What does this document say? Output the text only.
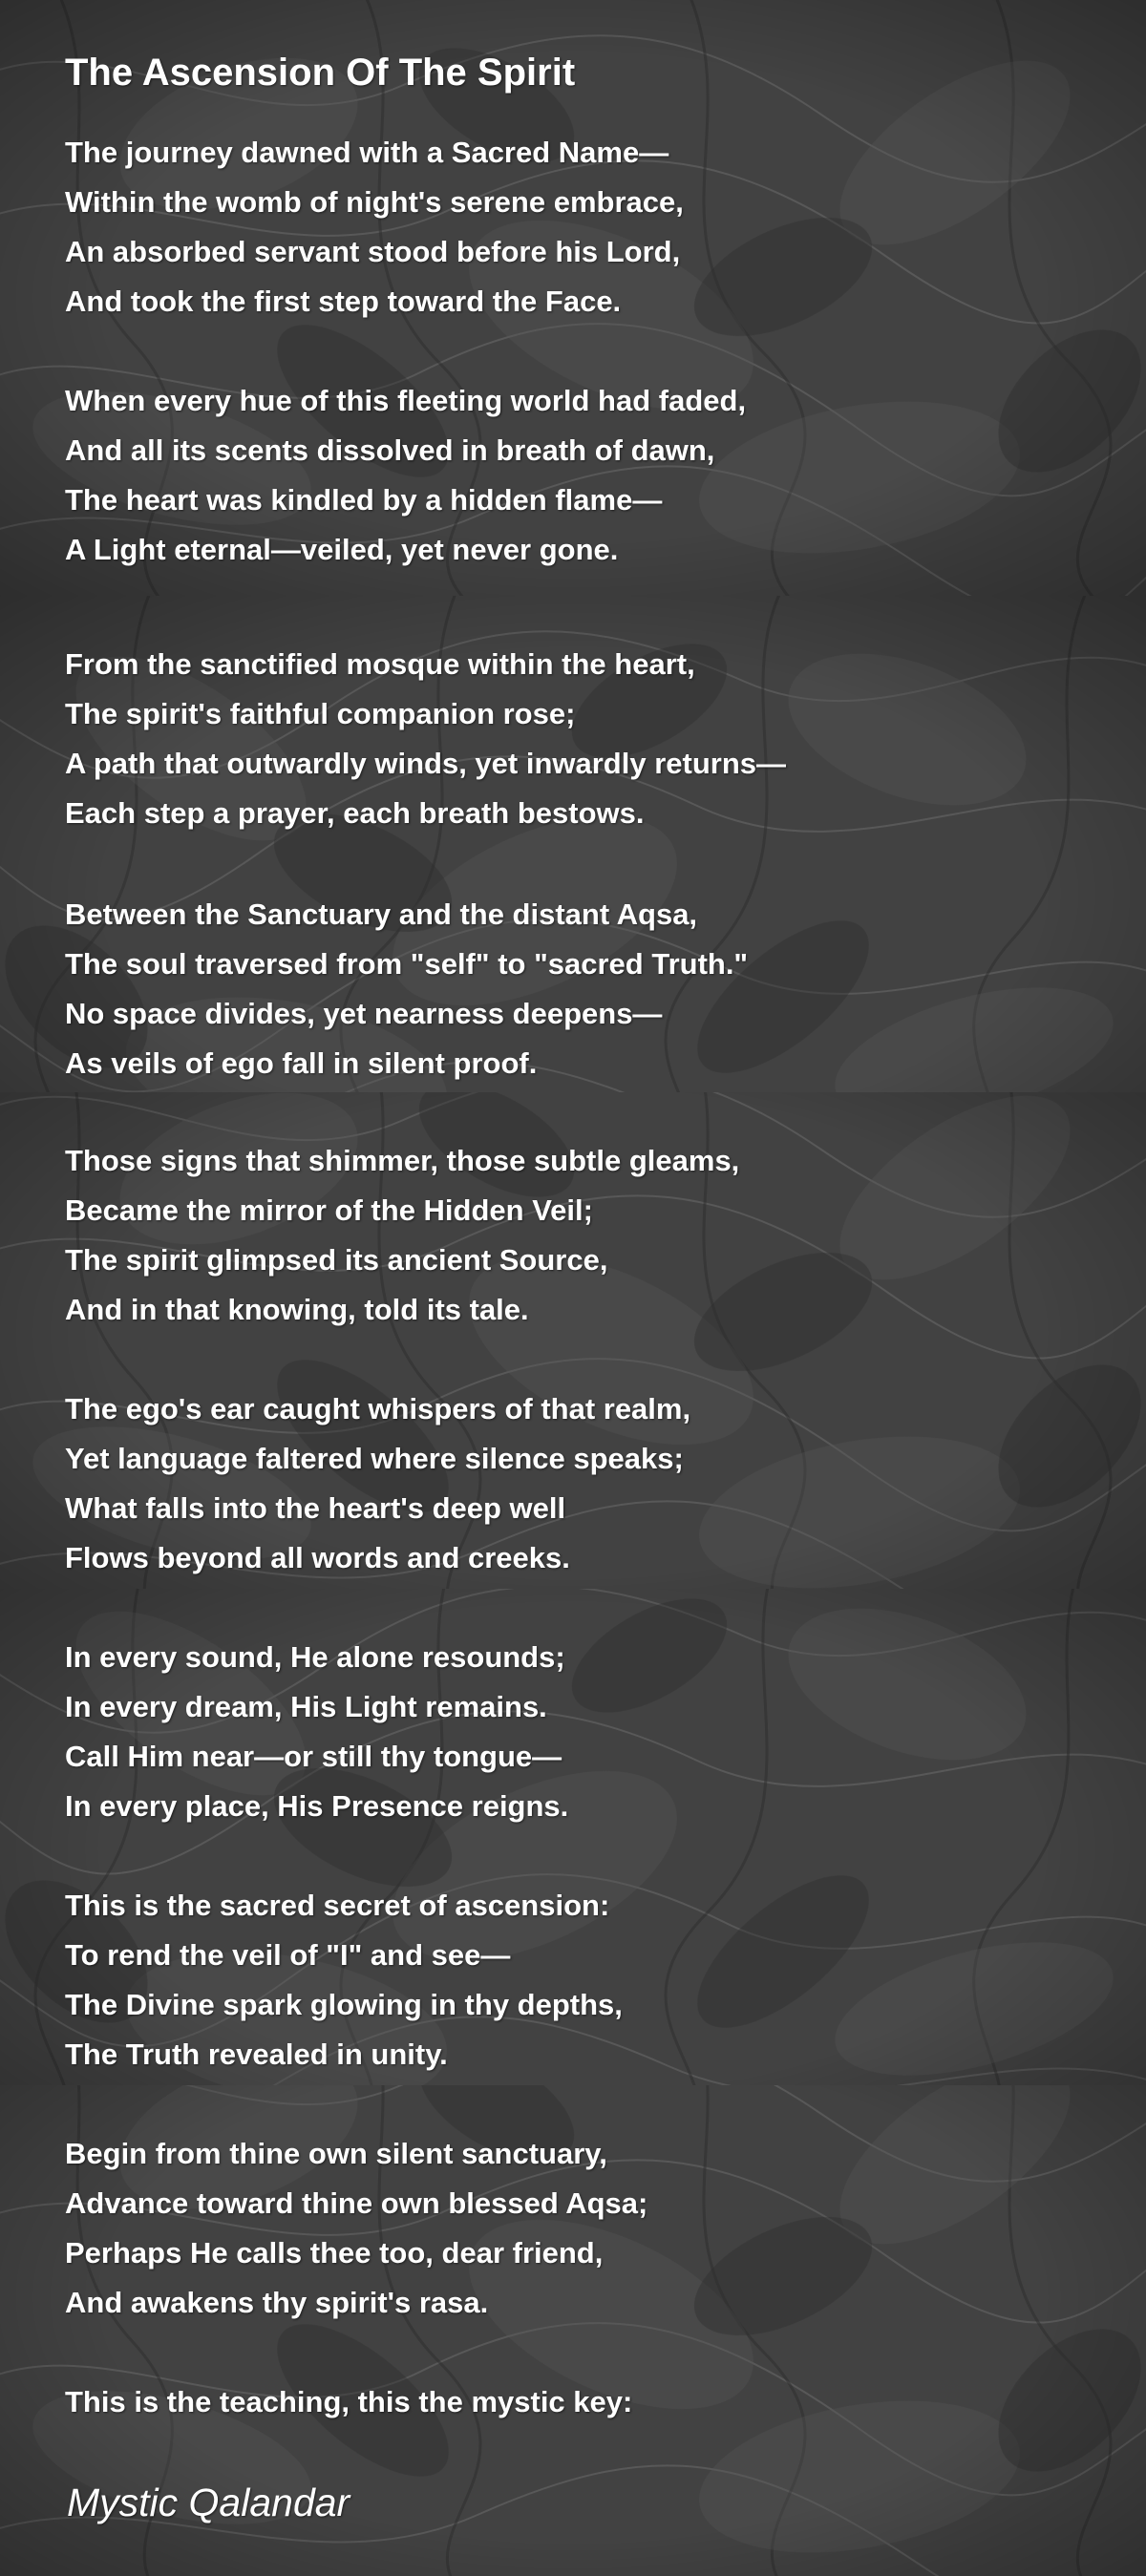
The Ascension Of The Spirit
The journey dawned with a Sacred Name—
Within the womb of night's serene embrace,
An absorbed servant stood before his Lord,
And took the first step toward the Face.
When every hue of this fleeting world had faded,
And all its scents dissolved in breath of dawn,
The heart was kindled by a hidden flame—
A Light eternal—veiled, yet never gone.
From the sanctified mosque within the heart,
The spirit's faithful companion rose;
A path that outwardly winds, yet inwardly returns—
Each step a prayer, each breath bestows.
Between the Sanctuary and the distant Aqsa,
The soul traversed from "self" to "sacred Truth."
No space divides, yet nearness deepens—
As veils of ego fall in silent proof.
Those signs that shimmer, those subtle gleams,
Became the mirror of the Hidden Veil;
The spirit glimpsed its ancient Source,
And in that knowing, told its tale.
The ego's ear caught whispers of that realm,
Yet language faltered where silence speaks;
What falls into the heart's deep well
Flows beyond all words and creeks.
In every sound, He alone resounds;
In every dream, His Light remains.
Call Him near—or still thy tongue—
In every place, His Presence reigns.
This is the sacred secret of ascension:
To rend the veil of "I" and see—
The Divine spark glowing in thy depths,
The Truth revealed in unity.
Begin from thine own silent sanctuary,
Advance toward thine own blessed Aqsa;
Perhaps He calls thee too, dear friend,
And awakens thy spirit's rasa.
This is the teaching, this the mystic key:
Mystic Qalandar
